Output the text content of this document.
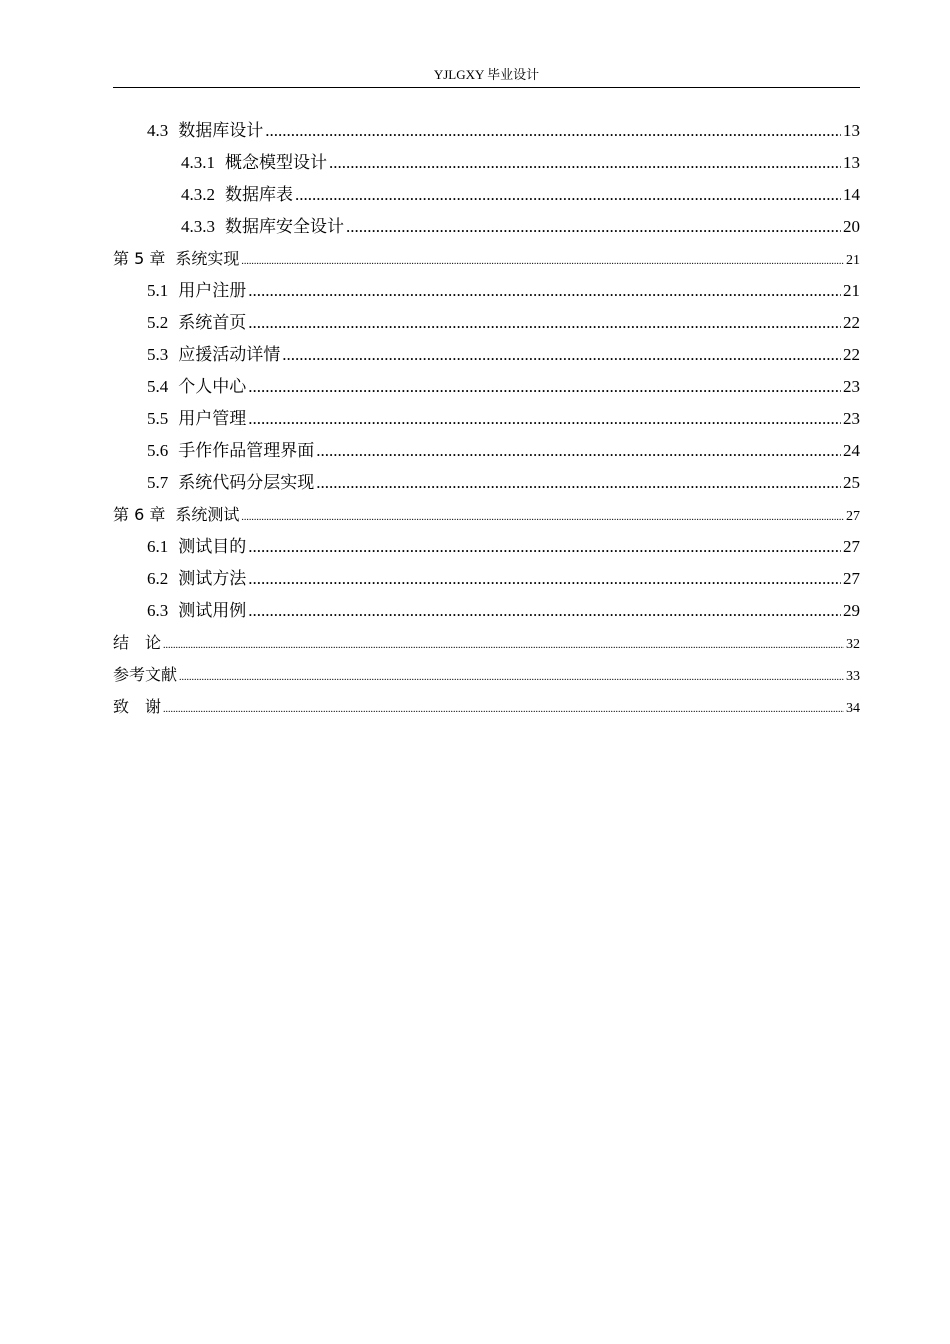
YJLGXY 毕业设计
4.3 数据库设计 .....	13
4.3.1 概念模型设计 .....	13
4.3.2 数据库表 .....	14
4.3.3 数据库安全设计 .....	20
第 5 章 系统实现 .....	21
5.1 用户注册 .....	21
5.2 系统首页 .....	22
5.3 应援活动详情 .....	22
5.4 个人中心 .....	23
5.5 用户管理 .....	23
5.6 手作作品管理界面 .....	24
5.7 系统代码分层实现 .....	25
第 6 章 系统测试 .....	27
6.1 测试目的 .....	27
6.2 测试方法 .....	27
6.3 测试用例 .....	29
结　论 .....	32
参考文献 .....	33
致　谢 .....	34
